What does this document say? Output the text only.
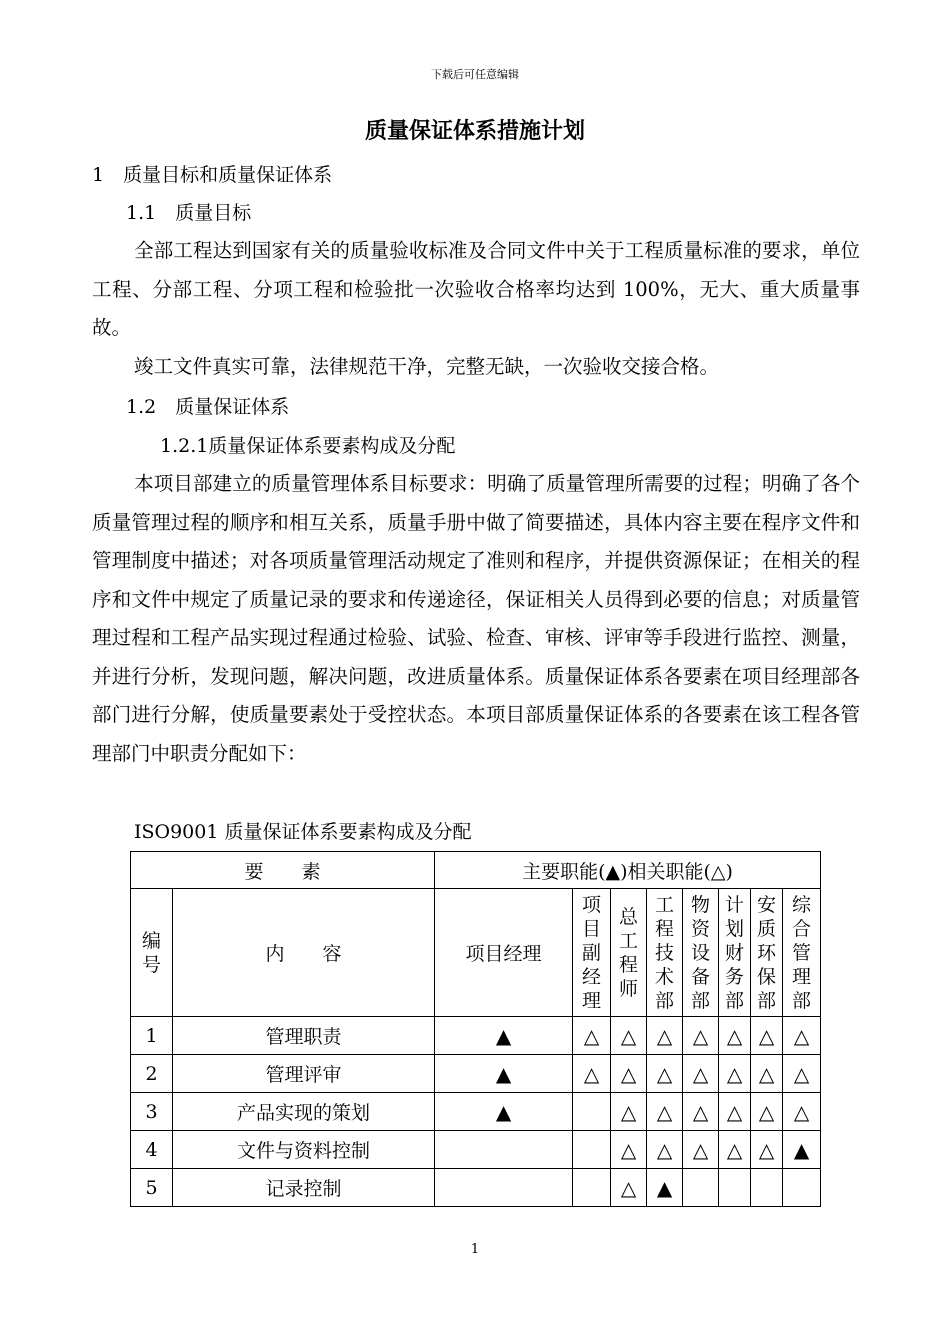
下载后可任意编辑
质量保证体系措施计划
1　质量目标和质量保证体系
1.1　质量目标
全部工程达到国家有关的质量验收标准及合同文件中关于工程质量标准的要求，单位工程、分部工程、分项工程和检验批一次验收合格率均达到 100%，无大、重大质量事故。
竣工文件真实可靠，法律规范干净，完整无缺，一次验收交接合格。
1.2　质量保证体系
1.2.1质量保证体系要素构成及分配
本项目部建立的质量管理体系目标要求：明确了质量管理所需要的过程；明确了各个质量管理过程的顺序和相互关系，质量手册中做了简要描述，具体内容主要在程序文件和管理制度中描述；对各项质量管理活动规定了准则和程序，并提供资源保证；在相关的程序和文件中规定了质量记录的要求和传递途径，保证相关人员得到必要的信息；对质量管理过程和工程产品实现过程通过检验、试验、检查、审核、评审等手段进行监控、测量，并进行分析，发现问题，解决问题，改进质量体系。质量保证体系各要素在项目经理部各部门进行分解，使质量要素处于受控状态。本项目部质量保证体系的各要素在该工程各管理部门中职责分配如下：
ISO9001 质量保证体系要素构成及分配
要　　素		主要职能(▲)相关职能(△)							
编号	内　　容	项目经理	项目副经理	总工程师	工程技术部	物资设备部	计划财务部	安质环保部	综合管理部
1	管理职责	▲	△	△	△	△	△	△	△
2	管理评审	▲	△	△	△	△	△	△	△
3	产品实现的策划	▲		△	△	△	△	△	△
4	文件与资料控制			△	△	△	△	△	▲
5	记录控制			△	▲				
1
